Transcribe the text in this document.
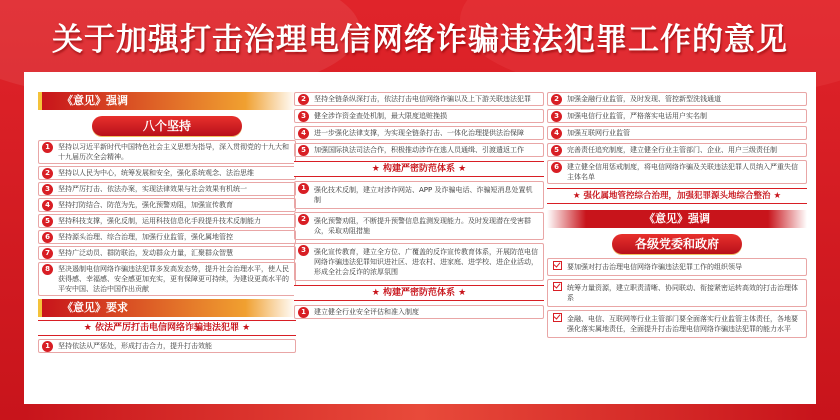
关于加强打击治理电信网络诈骗违法犯罪工作的意见
《意见》强调
八个坚持
1	坚持以习近平新时代中国特色社会主义思想为指导，深入贯彻党的十九大和十九届历次全会精神。
2	坚持以人民为中心，统筹发展和安全，强化系统观念、法治思维
3	坚持严厉打击、依法办案，实现法律效果与社会效果有机统一
4	坚持打防结合、防范为先，强化预警劝阻，加强宣传教育
5	坚持科技支撑，强化反制，运用科技信息化手段提升技术反制能力
6	坚持源头治理、综合治理，加强行业监管，强化属地管控
7	坚持广泛动员、群防联治，发动群众力量，汇聚群众智慧
8	坚决遏制电信网络诈骗违法犯罪多发高发态势，提升社会治理水平，使人民获得感、幸福感、安全感更加充实，更有保障更可持续，为建设更高水平的平安中国、法治中国作出贡献
《意见》要求
★ 依法严厉打击电信网络诈骗违法犯罪 ★
1	坚持依法从严惩处，形成打击合力，提升打击效能
2	坚持全链条纵深打击，依法打击电信网络诈骗以及上下游关联违法犯罪
3	健全涉诈资金查处机制，最大限度追赃挽损
4	进一步强化法律支撑，为实现全链条打击、一体化治理提供法治保障
5	加强国际执法司法合作，积极推动涉诈在逃人员通缉、引渡遣返工作
★ 构建严密防范体系 ★
1	强化技术反制，建立对涉诈网站、APP 及诈骗电话、诈骗短消息处置机制
2	强化预警劝阻，不断提升预警信息监测发现能力。及时发现潜在受害群众，采取劝阻措施
3	强化宣传教育，建立全方位、广覆盖的反诈宣传教育体系，开展防范电信网络诈骗违法犯罪知识进社区、进农村、进家庭、进学校、进企业活动，形成全社会反诈的浓厚氛围
★ 构建严密防范体系 ★
1	建立健全行业安全评估和准入制度
2	加强金融行业监管，及时发现、管控新型洗钱通道
3	加强电信行业监管，严格落实电话用户实名制
4	加强互联网行业监管
5	完善责任追究制度，建立健全行业主管部门、企业、用户三级责任制
6	建立健全信用惩戒制度，将电信网络诈骗及关联违法犯罪人员纳入严重失信主体名单
★ 强化属地管控综合治理，加强犯罪源头地综合整治 ★
《意见》强调
各级党委和政府
要加强对打击治理电信网络诈骗违法犯罪工作的组织领导
统筹力量资源，建立职责清晰、协同联动、衔接紧密运转高效的打击治理体系
金融、电信、互联网等行业主管部门要全面落实行业监管主体责任，各地要强化落实属地责任，全面提升打击治理电信网络诈骗违法犯罪的能力水平
